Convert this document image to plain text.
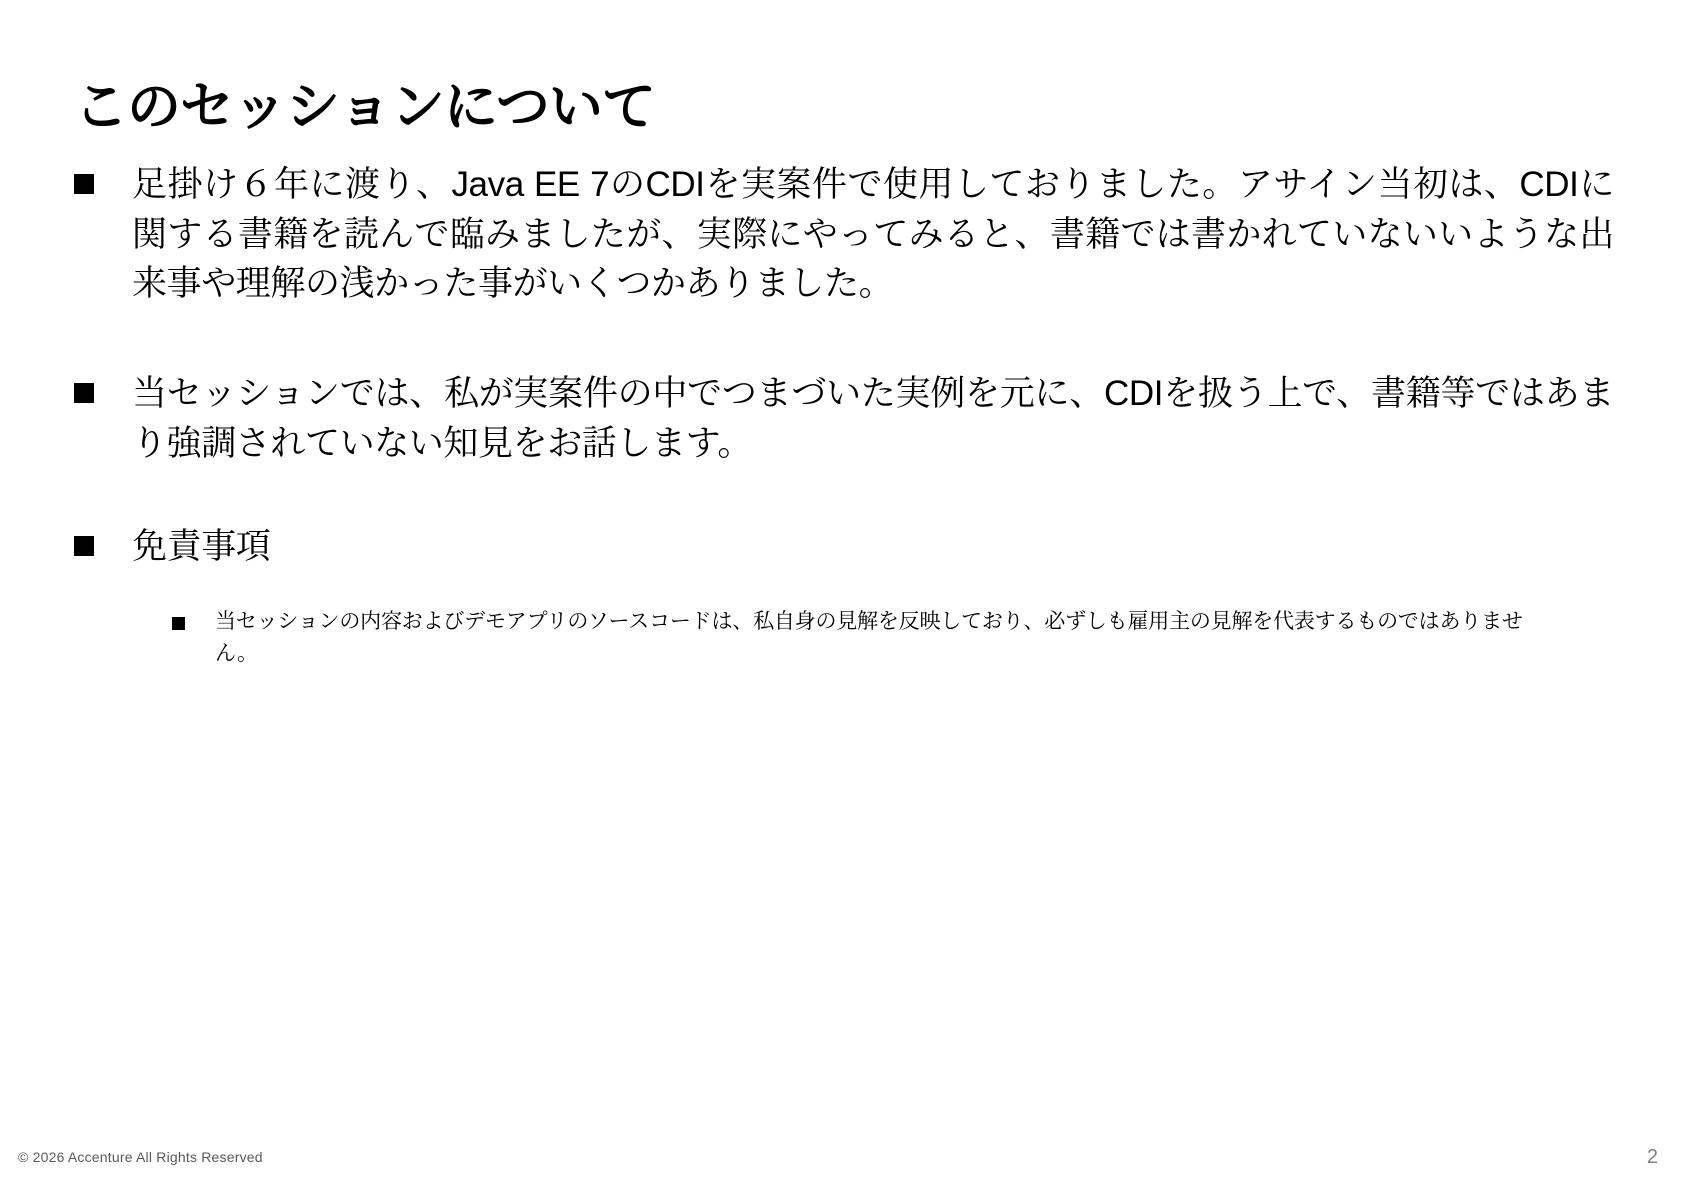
このセッションについて
足掛け６年に渡り、Java EE 7のCDIを実案件で使用しておりました。アサイン当初は、CDIに関する書籍を読んで臨みましたが、実際にやってみると、書籍では書かれていないいような出来事や理解の浅かった事がいくつかありました。
当セッションでは、私が実案件の中でつまづいた実例を元に、CDIを扱う上で、書籍等ではあまり強調されていない知見をお話します。
免責事項
当セッションの内容およびデモアプリのソースコードは、私自身の見解を反映しており、必ずしも雇用主の見解を代表するものではありません。
© 2026 Accenture All Rights Reserved	2
